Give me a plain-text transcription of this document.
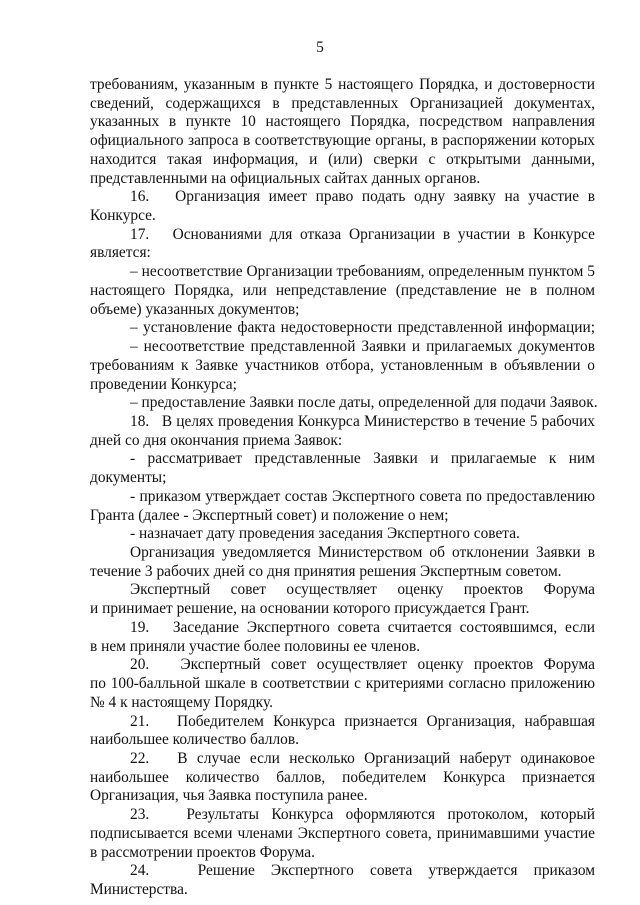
5
требованиям, указанным в пункте 5 настоящего Порядка, и достоверности
сведений, содержащихся в представленных Организацией документах,
указанных в пункте 10 настоящего Порядка, посредством направления
официального запроса в соответствующие органы, в распоряжении которых
находится такая информация, и (или) сверки с открытыми данными,
представленными на официальных сайтах данных органов.
16.   Организация имеет право подать одну заявку на участие в
Конкурсе.
17.   Основаниями для отказа Организации в участии в Конкурсе
является:
– несоответствие Организации требованиям, определенным пунктом 5
настоящего Порядка, или непредставление (представление не в полном
объеме) указанных документов;
– установление факта недостоверности представленной информации;
– несоответствие представленной Заявки и прилагаемых документов
требованиям к Заявке участников отбора, установленным в объявлении о
проведении Конкурса;
– предоставление Заявки после даты, определенной для подачи Заявок.
18.   В целях проведения Конкурса Министерство в течение 5 рабочих
дней со дня окончания приема Заявок:
- рассматривает представленные Заявки и прилагаемые к ним
документы;
- приказом утверждает состав Экспертного совета по предоставлению
Гранта (далее - Экспертный совет) и положение о нем;
- назначает дату проведения заседания Экспертного совета.
Организация уведомляется Министерством об отклонении Заявки в
течение 3 рабочих дней со дня принятия решения Экспертным советом.
Экспертный совет осуществляет оценку проектов Форума
и принимает решение, на основании которого присуждается Грант.
19.   Заседание Экспертного совета считается состоявшимся, если
в нем приняли участие более половины ее членов.
20.   Экспертный совет осуществляет оценку проектов Форума
по 100-балльной шкале в соответствии с критериями согласно приложению
№ 4 к настоящему Порядку.
21.   Победителем Конкурса признается Организация, набравшая
наибольшее количество баллов.
22.   В случае если несколько Организаций наберут одинаковое
наибольшее количество баллов, победителем Конкурса признается
Организация, чья Заявка поступила ранее.
23.   Результаты Конкурса оформляются протоколом, который
подписывается всеми членами Экспертного совета, принимавшими участие
в рассмотрении проектов Форума.
24.   Решение Экспертного совета утверждается приказом
Министерства.
